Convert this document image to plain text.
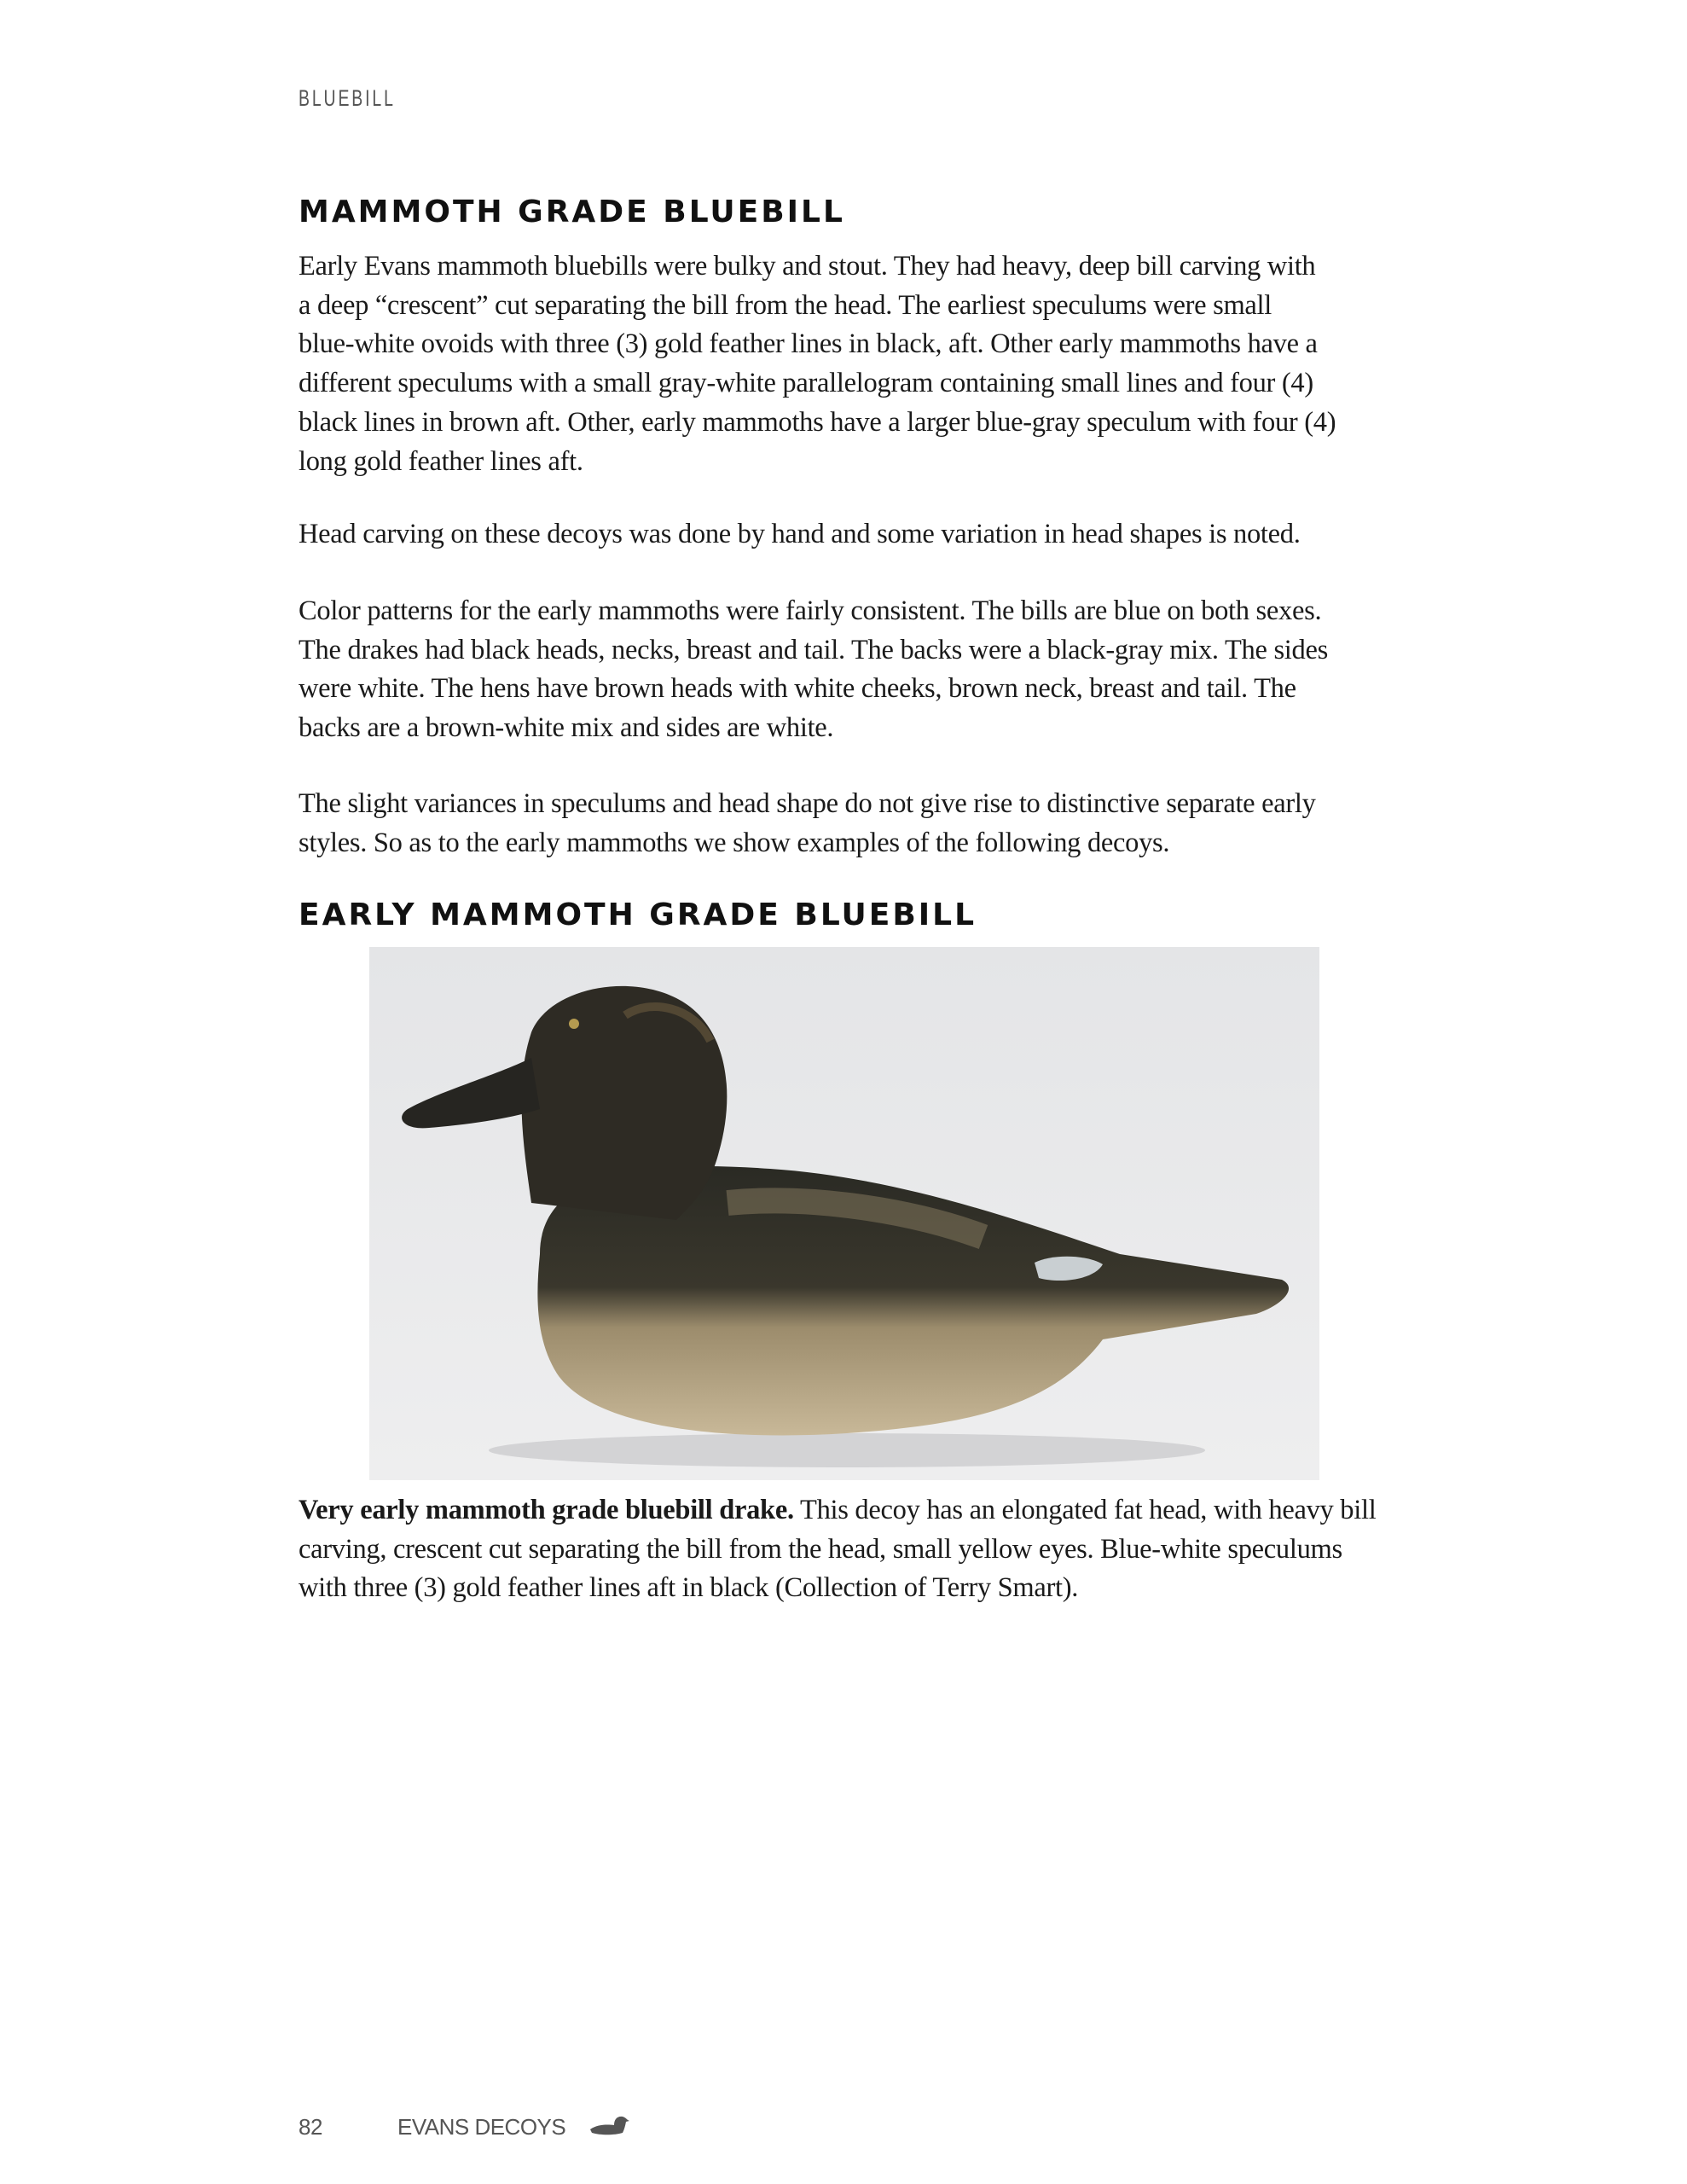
BLUEBILL
MAMMOTH GRADE BLUEBILL
Early Evans mammoth bluebills were bulky and stout. They had heavy, deep bill carving with
a deep “crescent” cut separating the bill from the head. The earliest speculums were small
blue-white ovoids with three (3) gold feather lines in black, aft. Other early mammoths have a
different speculums with a small gray-white parallelogram containing small lines and four (4)
black lines in brown aft. Other, early mammoths have a larger blue-gray speculum with four (4)
long gold feather lines aft.
Head carving on these decoys was done by hand and some variation in head shapes is noted.
Color patterns for the early mammoths were fairly consistent. The bills are blue on both sexes.
The drakes had black heads, necks, breast and tail. The backs were a black-gray mix. The sides
were white. The hens have brown heads with white cheeks, brown neck, breast and tail. The
backs are a brown-white mix and sides are white.
The slight variances in speculums and head shape do not give rise to distinctive separate early
styles. So as to the early mammoths we show examples of the following decoys.
EARLY MAMMOTH GRADE BLUEBILL
Very early mammoth grade bluebill drake. This decoy has an elongated fat head, with heavy bill
carving, crescent cut separating the bill from the head, small yellow eyes. Blue-white speculums
with three (3) gold feather lines aft in black (Collection of Terry Smart).
82	EVANS DECOYS
